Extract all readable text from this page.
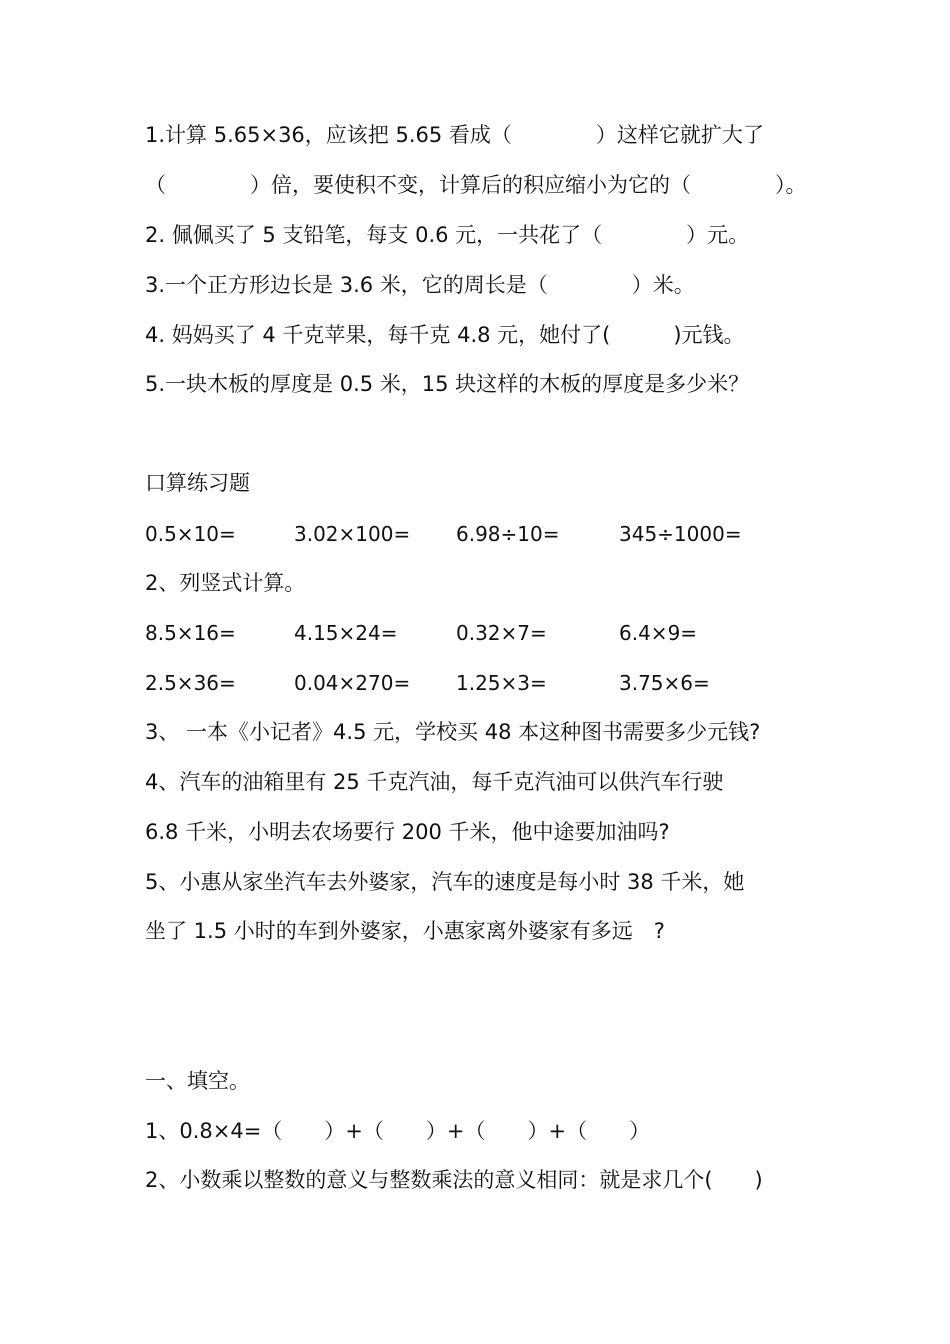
1.计算 5.65×36，应该把 5.65 看成（　　　　）这样它就扩大了
（　　　　）倍，要使积不变，计算后的积应缩小为它的（　　　　）。
2. 佩佩买了 5 支铅笔，每支 0.6 元，一共花了（　　　　）元。
3.一个正方形边长是 3.6 米，它的周长是（　　　　）米。
4. 妈妈买了 4 千克苹果，每千克 4.8 元，她付了(　　　)元钱。
5.一块木板的厚度是 0.5 米，15 块这样的木板的厚度是多少米？
口算练习题
0.5×10=	3.02×100= 6.98÷10=	345÷1000=
2、列竖式计算。
8.5×16=	4.15×24=	0.32×7=	6.4×9=
2.5×36=	0.04×270= 1.25×3=	3.75×6=
3、 一本《小记者》4.5 元，学校买 48 本这种图书需要多少元钱?
4、汽车的油箱里有 25 千克汽油，每千克汽油可以供汽车行驶
6.8 千米，小明去农场要行 200 千米，他中途要加油吗?
5、小惠从家坐汽车去外婆家，汽车的速度是每小时 38 千米，她
坐了 1.5 小时的车到外婆家，小惠家离外婆家有多远　?
一、填空。
1、0.8×4=（　　）+（　　）+（　　）+（　　）
2、小数乘以整数的意义与整数乘法的意义相同：就是求几个(　　)
